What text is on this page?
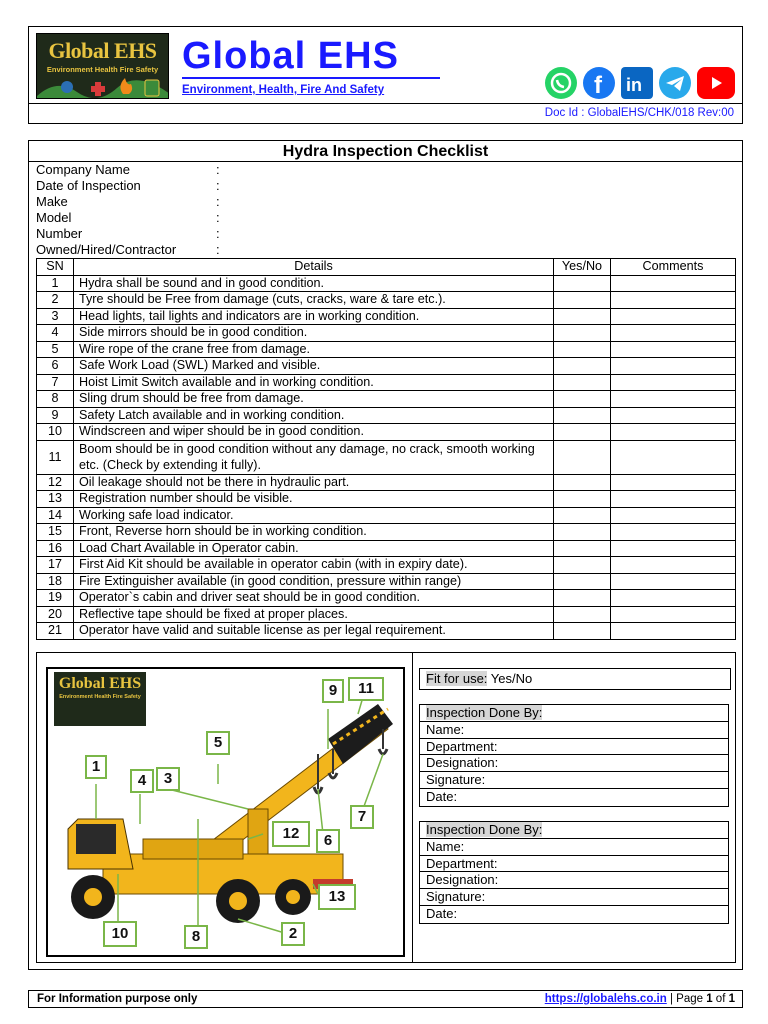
Global EHS
Environment Health Fire Safety Global EHS
Environment, Health, Fire And Safety	f in
Doc Id : GlobalEHS/CHK/018 Rev:00
Hydra Inspection Checklist
Company Name	:
Date of Inspection	:
Make	:
Model	:
Number	:
Owned/Hired/Contractor	:
SN	Details	Yes/No	Comments
1	Hydra shall be sound and in good condition.		
2	Tyre should be Free from damage (cuts, cracks, ware & tare etc.).		
3	Head lights, tail lights and indicators are in working condition.		
4	Side mirrors should be in good condition.		
5	Wire rope of the crane free from damage.		
6	Safe Work Load (SWL) Marked and visible.		
7	Hoist Limit Switch available and in working condition.		
8	Sling drum should be free from damage.		
9	Safety Latch available and in working condition.		
10	Windscreen and wiper should be in good condition.		
11	Boom should be in good condition without any damage, no crack, smooth working etc. (Check by extending it fully).		
12	Oil leakage should not be there in hydraulic part.		
13	Registration number should be visible.		
14	Working safe load indicator.		
15	Front, Reverse horn should be in working condition.		
16	Load Chart Available in Operator cabin.		
17	First Aid Kit should be available in operator cabin (with in expiry date).		
18	Fire Extinguisher available (in good condition, pressure within range)		
19	Operator`s cabin and driver seat should be in good condition.		
20	Reflective tape should be fixed at proper places.		
21	Operator have valid and suitable license as per legal requirement.		
Global EHS
Environment Health Fire Safety
1
2
3
4
5
6
7
8
9
10
11
12
13
Fit for use: Yes/No
Inspection Done By:
Name:
Department:
Designation:
Signature:
Date:
Inspection Done By:
Name:
Department:
Designation:
Signature:
Date:
For Information purpose only	https://globalehs.co.in | Page 1 of 1
